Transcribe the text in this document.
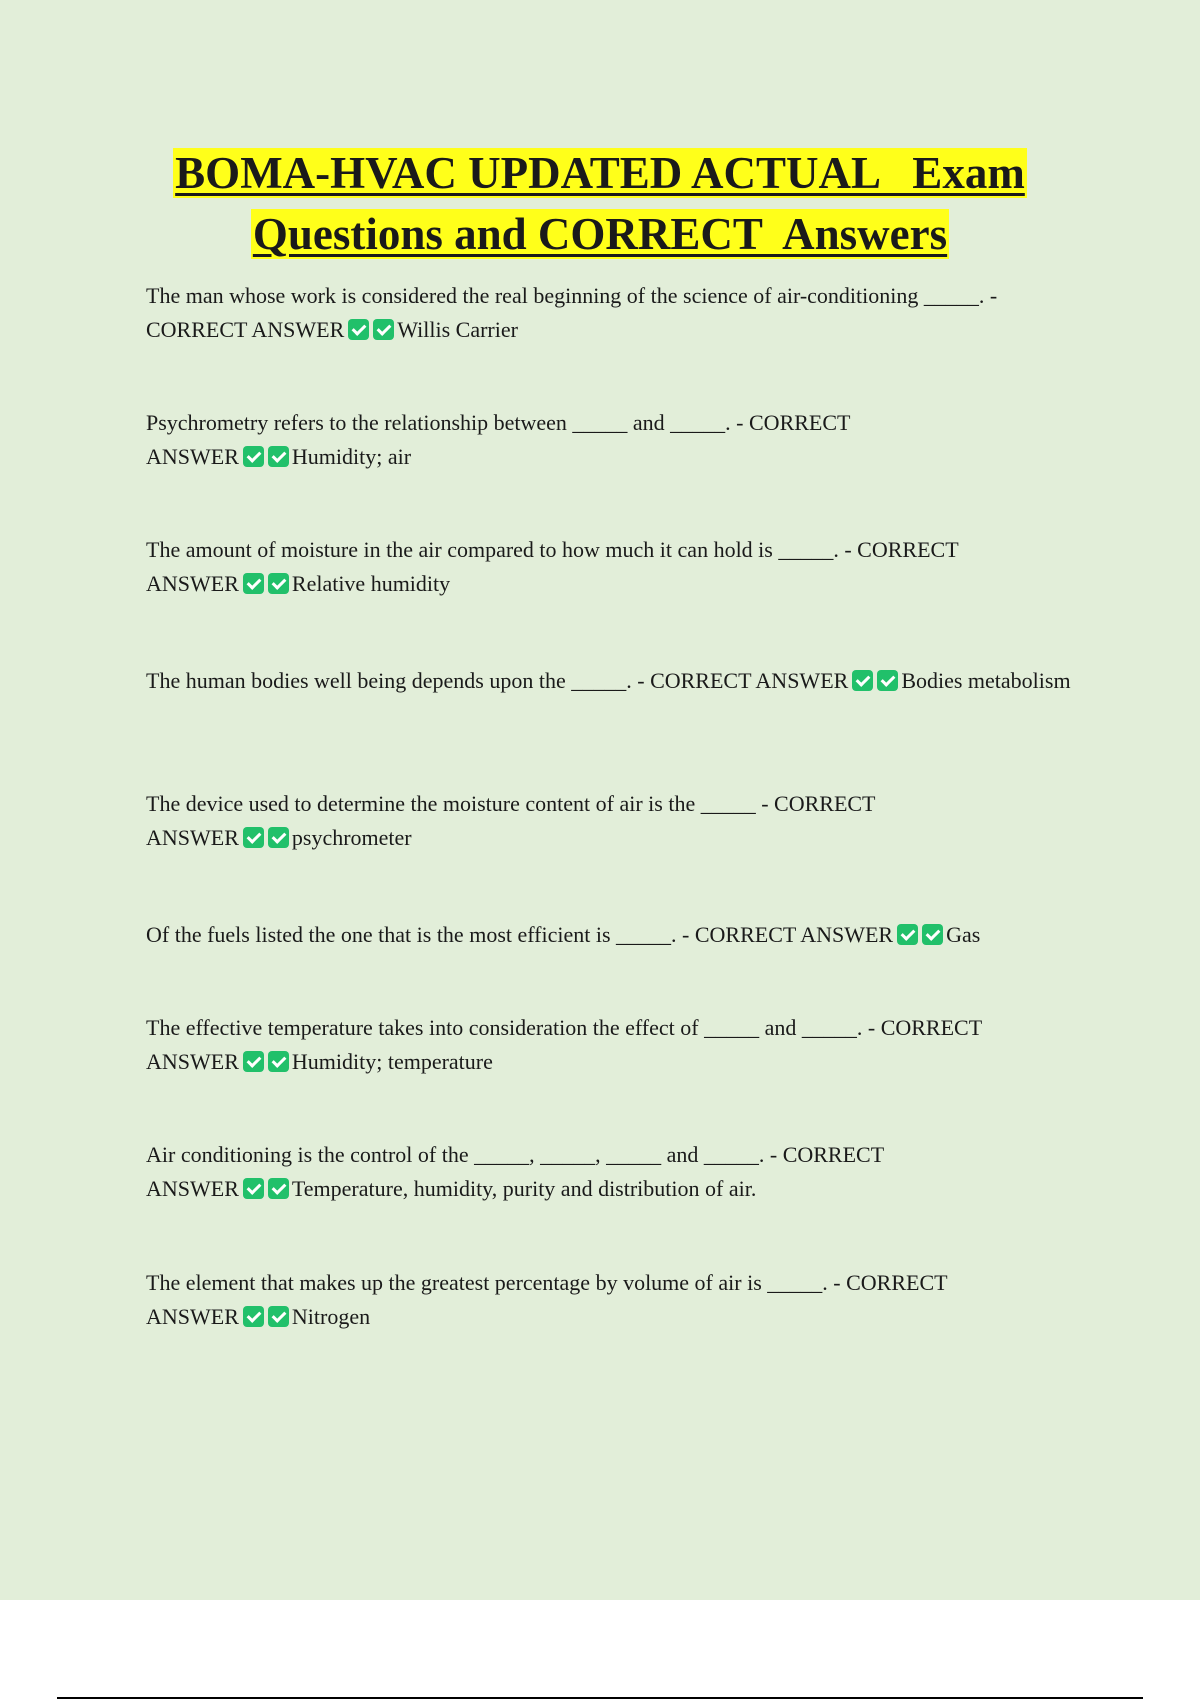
BOMA-HVAC UPDATED ACTUAL   Exam
Questions and CORRECT  Answers
The man whose work is considered the real beginning of the science of air-conditioning _____. -
CORRECT ANSWER Willis Carrier
Psychrometry refers to the relationship between _____ and _____. - CORRECT
ANSWER Humidity; air
The amount of moisture in the air compared to how much it can hold is _____. - CORRECT
ANSWER Relative humidity
The human bodies well being depends upon the _____. - CORRECT ANSWER Bodies metabolism
The device used to determine the moisture content of air is the _____ - CORRECT
ANSWER psychrometer
Of the fuels listed the one that is the most efficient is _____. - CORRECT ANSWER Gas
The effective temperature takes into consideration the effect of _____ and _____. - CORRECT
ANSWER Humidity; temperature
Air conditioning is the control of the _____, _____, _____ and _____. - CORRECT
ANSWER Temperature, humidity, purity and distribution of air.
The element that makes up the greatest percentage by volume of air is _____. - CORRECT
ANSWER Nitrogen
